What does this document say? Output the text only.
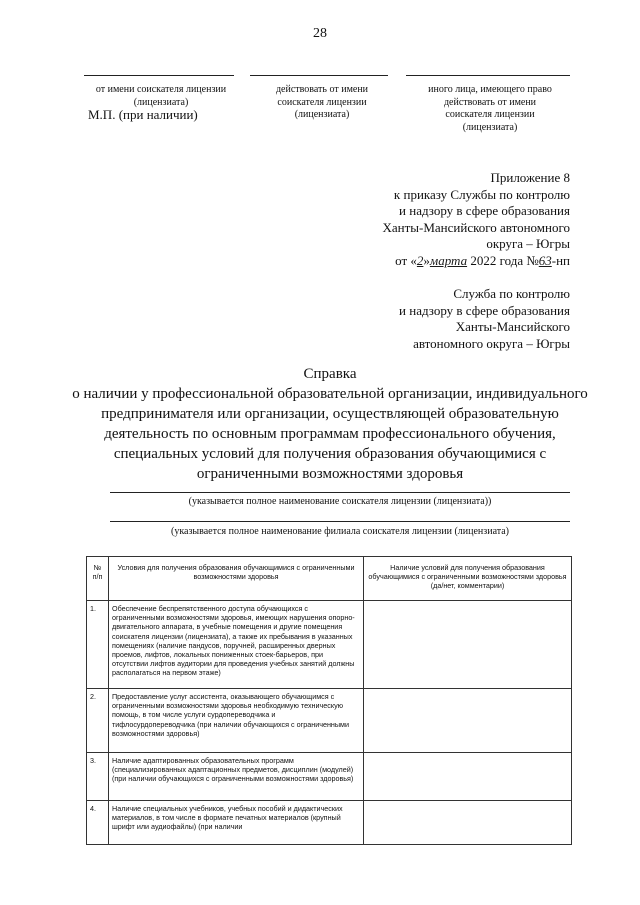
28
от имени соискателя лицензии (лицензиата)
действовать от имени соискателя лицензии (лицензиата)
иного лица, имеющего право действовать от имени соискателя лицензии (лицензиата)
М.П. (при наличии)
Приложение 8
к приказу Службы по контролю
и надзору в сфере образования
Ханты-Мансийского автономного
округа – Югры
от «2»марта 2022 года №63-нп
Служба по контролю
и надзору в сфере образования
Ханты-Мансийского
автономного округа – Югры
Справка
о наличии у профессиональной образовательной организации, индивидуального предпринимателя или организации, осуществляющей образовательную деятельность по основным программам профессионального обучения, специальных условий для получения образования обучающимися с ограниченными возможностями здоровья
(указывается полное наименование соискателя лицензии (лицензиата))
(указывается полное наименование филиала соискателя лицензии (лицензиата)
№ п/п	Условия для получения образования обучающимися с ограниченными возможностями здоровья	Наличие условий для получения образования обучающимися с ограниченными возможностями здоровья (да/нет, комментарии)
1.	Обеспечение беспрепятственного доступа обучающихся с ограниченными возможностями здоровья, имеющих нарушения опорно-двигательного аппарата, в учебные помещения и другие помещения соискателя лицензии (лицензиата), а также их пребывания в указанных помещениях (наличие пандусов, поручней, расширенных дверных проемов, лифтов, локальных пониженных стоек-барьеров, при отсутствии лифтов аудитории для проведения учебных занятий должны располагаться на первом этаже)	
2.	Предоставление услуг ассистента, оказывающего обучающимся с ограниченными возможностями здоровья необходимую техническую помощь, в том числе услуги сурдопереводчика и тифлосурдопереводчика (при наличии обучающихся с ограниченными возможностями здоровья)	
3.	Наличие адаптированных образовательных программ (специализированных адаптационных предметов, дисциплин (модулей) (при наличии обучающихся с ограниченными возможностями здоровья)	
4.	Наличие специальных учебников, учебных пособий и дидактических материалов, в том числе в формате печатных материалов (крупный шрифт или аудиофайлы) (при наличии	
